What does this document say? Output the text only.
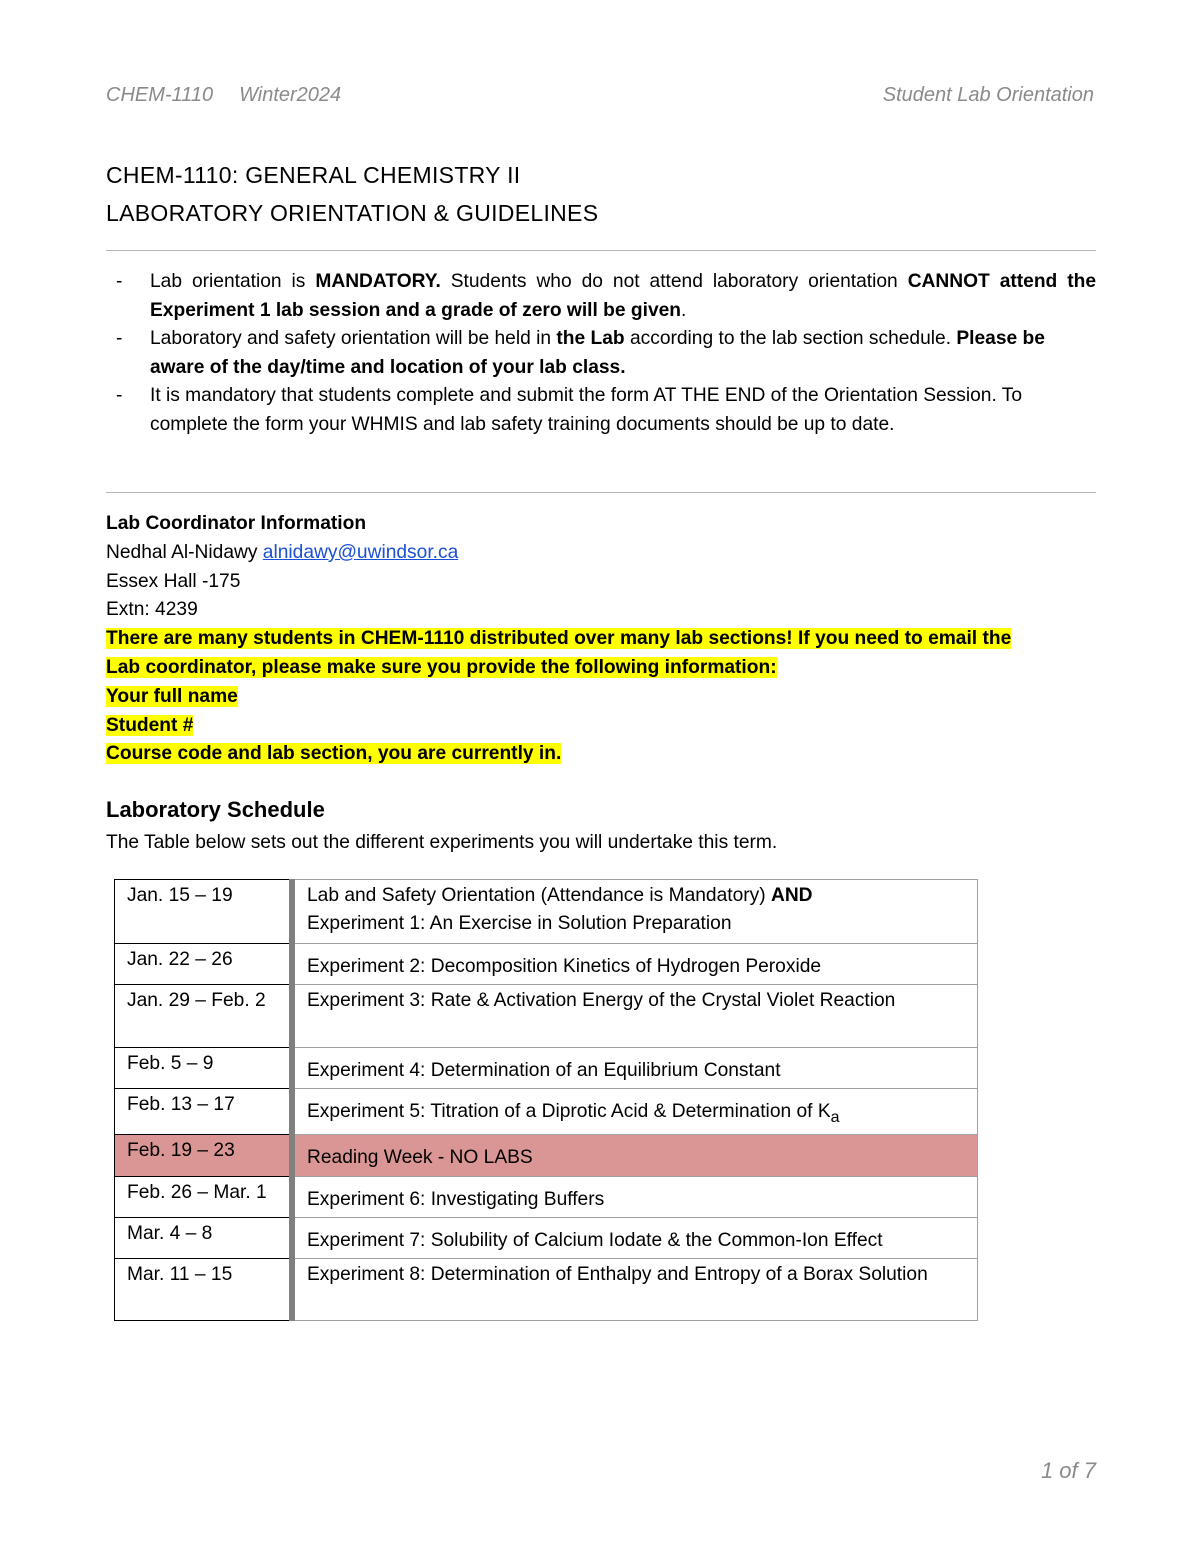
CHEM-1110 Winter2024	Student Lab Orientation
CHEM-1110: GENERAL CHEMISTRY II
LABORATORY ORIENTATION & GUIDELINES
- Lab orientation is MANDATORY. Students who do not attend laboratory orientation CANNOT attend the Experiment 1 lab session and a grade of zero will be given.
- Laboratory and safety orientation will be held in the Lab according to the lab section schedule. Please be aware of the day/time and location of your lab class.
- It is mandatory that students complete and submit the form AT THE END of the Orientation Session. To complete the form your WHMIS and lab safety training documents should be up to date.
Lab Coordinator Information
Nedhal Al-Nidawy alnidawy@uwindsor.ca
Essex Hall -175
Extn: 4239
There are many students in CHEM-1110 distributed over many lab sections! If you need to email the
Lab coordinator, please make sure you provide the following information:
Your full name
Student #
Course code and lab section, you are currently in.
Laboratory Schedule
The Table below sets out the different experiments you will undertake this term.
Jan. 15 – 19	Lab and Safety Orientation (Attendance is Mandatory) AND
Experiment 1: An Exercise in Solution Preparation
Jan. 22 – 26	Experiment 2: Decomposition Kinetics of Hydrogen Peroxide
Jan. 29 – Feb. 2	Experiment 3: Rate & Activation Energy of the Crystal Violet Reaction
Feb. 5 – 9	Experiment 4: Determination of an Equilibrium Constant
Feb. 13 – 17	Experiment 5: Titration of a Diprotic Acid & Determination of $K_a$
Feb. 19 – 23	Reading Week - NO LABS
Feb. 26 – Mar. 1	Experiment 6: Investigating Buffers
Mar. 4 – 8	Experiment 7: Solubility of Calcium Iodate & the Common-Ion Effect
Mar. 11 – 15	Experiment 8: Determination of Enthalpy and Entropy of a Borax Solution
1 of 7
